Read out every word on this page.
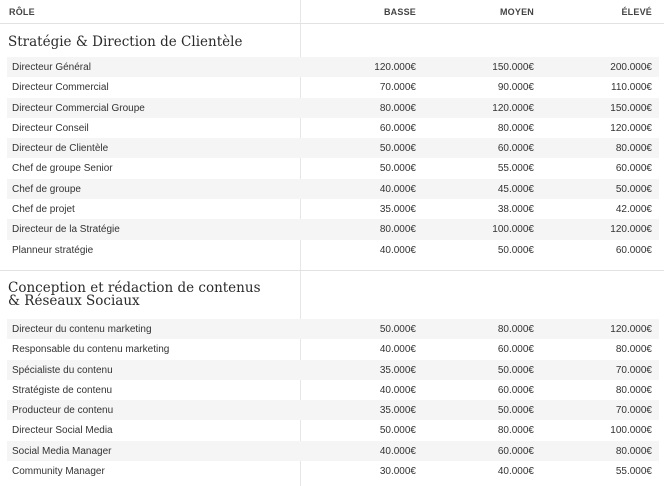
RÔLE	BASSE	MOYEN	ÉLEVÉ
Stratégie & Direction de Clientèle
Directeur Général	120.000€	150.000€	200.000€
Directeur Commercial	70.000€	90.000€	110.000€
Directeur Commercial Groupe	80.000€	120.000€	150.000€
Directeur Conseil	60.000€	80.000€	120.000€
Directeur de Clientèle	50.000€	60.000€	80.000€
Chef de groupe Senior	50.000€	55.000€	60.000€
Chef de groupe	40.000€	45.000€	50.000€
Chef de projet	35.000€	38.000€	42.000€
Directeur de la Stratégie	80.000€	100.000€	120.000€
Planneur stratégie	40.000€	50.000€	60.000€
Conception et rédaction de contenus
& Réseaux Sociaux
Directeur du contenu marketing	50.000€	80.000€	120.000€
Responsable du contenu marketing	40.000€	60.000€	80.000€
Spécialiste du contenu	35.000€	50.000€	70.000€
Stratégiste de contenu	40.000€	60.000€	80.000€
Producteur de contenu	35.000€	50.000€	70.000€
Directeur Social Media	50.000€	80.000€	100.000€
Social Media Manager	40.000€	60.000€	80.000€
Community Manager	30.000€	40.000€	55.000€
